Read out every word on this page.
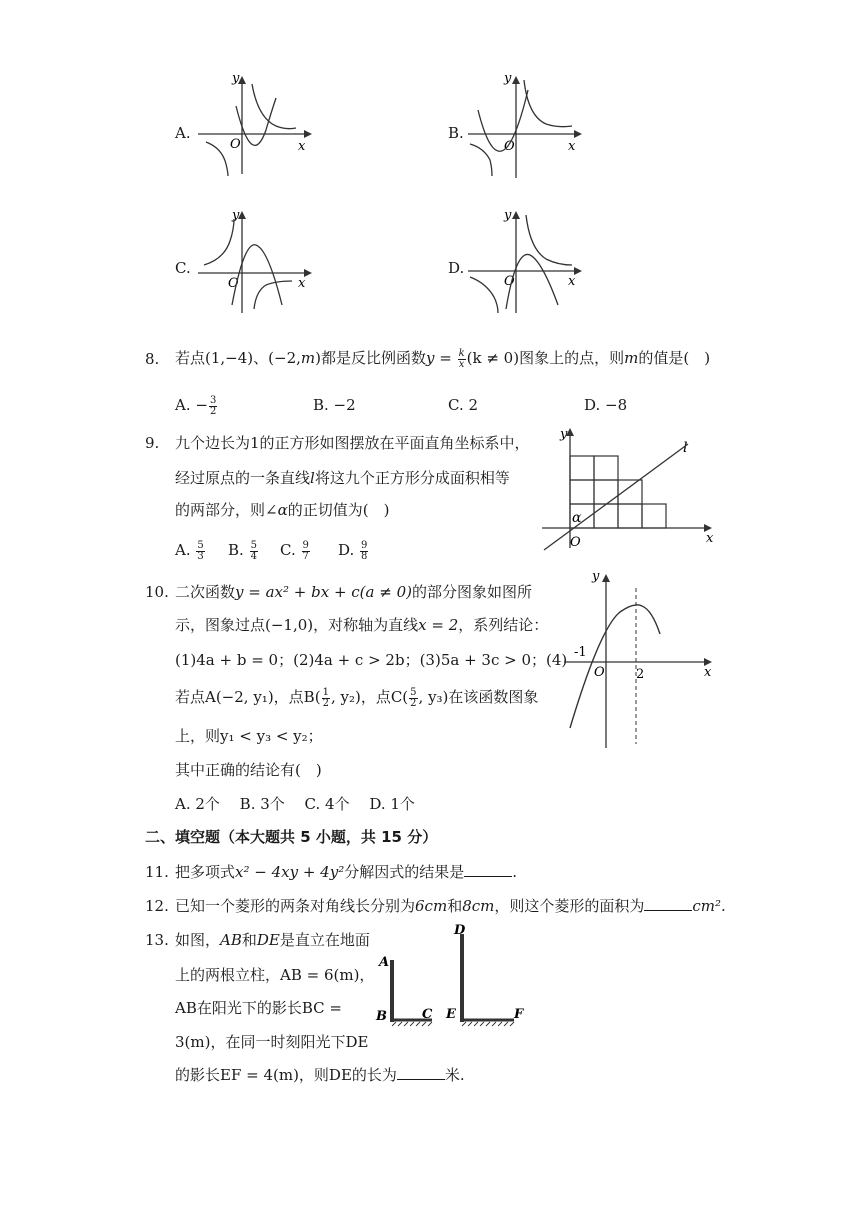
A.
y
x
O
B.
y
x
O
C.
y
x
O
D.
y
x
O
8. 若点(1,−4)、(−2,m)都是反比例函数$y = \frac{k}{x} (k \ne 0)$图象上的点，则m的值是(　)
A. − $\frac{3}{2}$	B. −2	C. 2	D. −8
9. 九个边长为1的正方形如图摆放在平面直角坐标系中，
经过原点的一条直线l将这九个正方形分成面积相等
的两部分，则∠α的正切值为(　)
A. $\frac{5}{3} B$. $\frac{5}{4} C$. $\frac{9}{7} D$. $\frac{9}{8}$
y
x
O
l
α
10. 二次函数y = ax² + bx + c(a ≠ 0)的部分图象如图所
示，图象过点(−1,0)，对称轴为直线x = 2，系列结论：
(1)4a + b = 0；(2)4a + c > 2b；(3)5a + 3c > 0；(4)
若点A(−2, y₁)，点$B( \frac{1}{2}$ , y₂)，点$C( \frac{5}{2}$ , y₃)在该函数图象
上，则y₁ < y₃ < y₂；
其中正确的结论有(　)
A. 2个　 B. 3个　 C. 4个　 D. 1个
y
x
O
-1
2
二、填空题（本大题共 5 小题，共 15 分）
11. 把多项式x² − 4xy + 4y²分解因式的结果是	.
12. 已知一个菱形的两条对角线长分别为6cm和8cm，则这个菱形的面积为	cm².
13. 如图，AB和DE是直立在地面
上的两根立柱，AB = 6(m)，
AB在阳光下的影长BC =
3(m)，在同一时刻阳光下DE
的影长EF = 4(m)，则DE的长为	米.
A
B	C
D
E	F
